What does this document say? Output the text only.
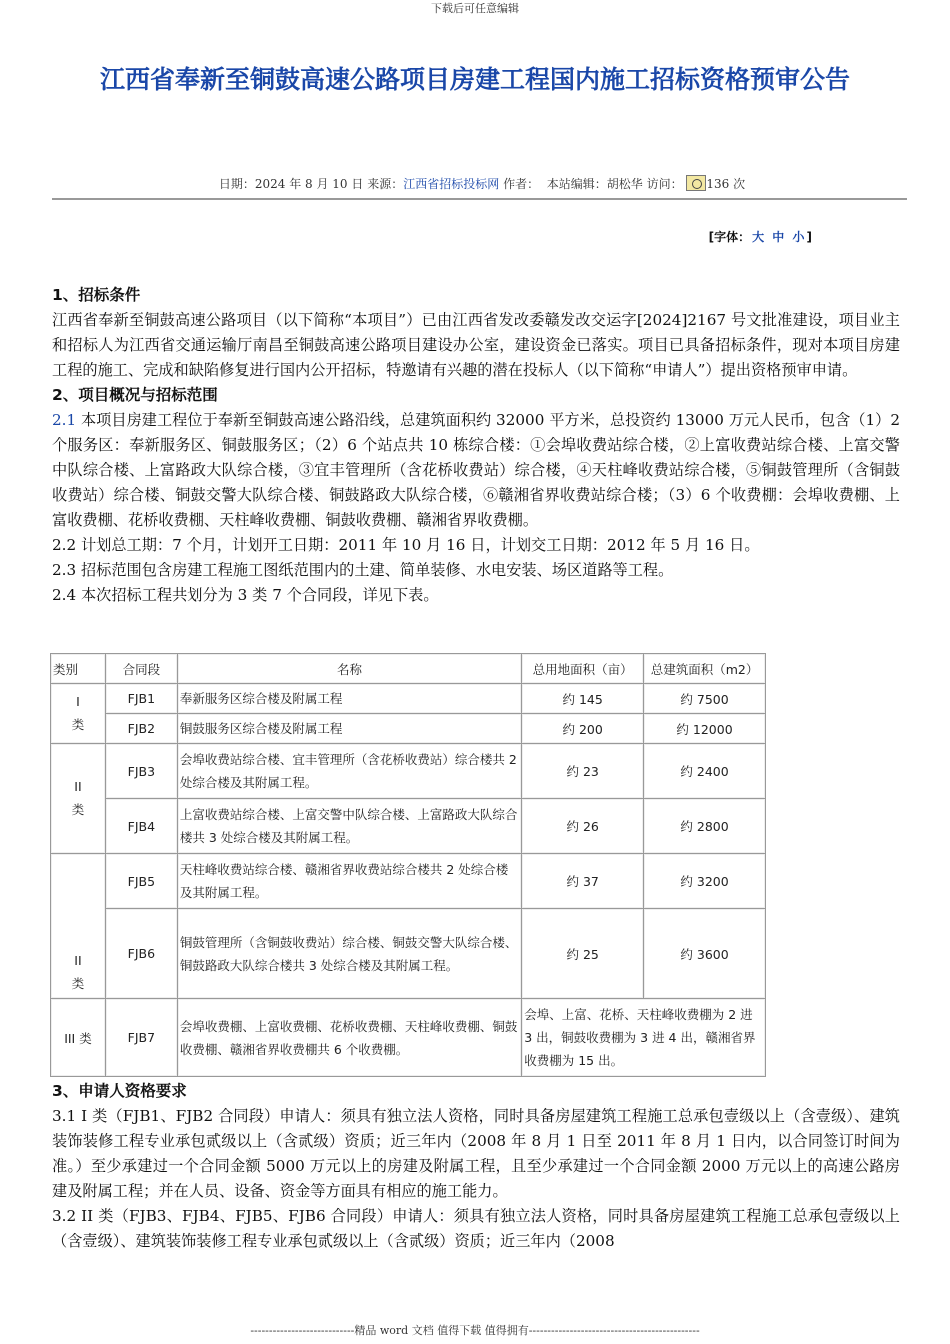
下载后可任意编辑
江西省奉新至铜鼓高速公路项目房建工程国内施工招标资格预审公告
日期：2024 年 8 月 10 日 来源：江西省招标投标网 作者： 本站编辑：胡松华 访问： 136 次
[字体： 大 中 小 ]

1、招标条件

江西省奉新至铜鼓高速公路项目（以下简称“本项目”）已由江西省发改委赣发改交运字[2024]2167 号文批准建设，项目业主和招标人为江西省交通运输厅南昌至铜鼓高速公路项目建设办公室，建设资金已落实。项目已具备招标条件，现对本项目房建工程的施工、完成和缺陷修复进行国内公开招标，特邀请有兴趣的潜在投标人（以下简称“申请人”）提出资格预审申请。

2、项目概况与招标范围

2.1 本项目房建工程位于奉新至铜鼓高速公路沿线，总建筑面积约 32000 平方米，总投资约 13000 万元人民币，包含（1）2 个服务区：奉新服务区、铜鼓服务区；（2）6 个站点共 10 栋综合楼：①会埠收费站综合楼，②上富收费站综合楼、上富交警中队综合楼、上富路政大队综合楼，③宜丰管理所（含花桥收费站）综合楼，④天柱峰收费站综合楼，⑤铜鼓管理所（含铜鼓收费站）综合楼、铜鼓交警大队综合楼、铜鼓路政大队综合楼，⑥赣湘省界收费站综合楼；（3）6 个收费棚：会埠收费棚、上富收费棚、花桥收费棚、天柱峰收费棚、铜鼓收费棚、赣湘省界收费棚。

2.2 计划总工期：7 个月，计划开工日期：2011 年 10 月 16 日，计划交工日期：2012 年 5 月 16 日。

2.3 招标范围包含房建工程施工图纸范围内的土建、简单装修、水电安装、场区道路等工程。

2.4 本次招标工程共划分为 3 类 7 个合同段，详见下表。

类别	合同段	名称	总用地面积（亩）	总建筑面积（m2）

I
类	FJB1	奉新服务区综合楼及附属工程	约 145	约 7500
	FJB2	铜鼓服务区综合楼及附属工程	约 200	约 12000

II
类	FJB3	会埠收费站综合楼、宜丰管理所（含花桥收费站）综合楼共 2 处综合楼及其附属工程。	约 23	约 2400
	FJB4	上富收费站综合楼、上富交警中队综合楼、上富路政大队综合楼共 3 处综合楼及其附属工程。	约 26	约 2800

II
类	FJB5	天柱峰收费站综合楼、赣湘省界收费站综合楼共 2 处综合楼及其附属工程。	约 37	约 3200
	FJB6	铜鼓管理所（含铜鼓收费站）综合楼、铜鼓交警大队综合楼、铜鼓路政大队综合楼共 3 处综合楼及其附属工程。	约 25	约 3600
III 类	FJB7	会埠收费棚、上富收费棚、花桥收费棚、天柱峰收费棚、铜鼓收费棚、赣湘省界收费棚共 6 个收费棚。	会埠、上富、花桥、天柱峰收费棚为 2 进 3 出，铜鼓收费棚为 3 进 4 出，赣湘省界收费棚为 15 出。	

3、申请人资格要求

3.1 I 类（FJB1、FJB2 合同段）申请人：须具有独立法人资格，同时具备房屋建筑工程施工总承包壹级以上（含壹级）、建筑装饰装修工程专业承包贰级以上（含贰级）资质；近三年内（2008 年 8 月 1 日至 2011 年 8 月 1 日内，以合同签订时间为准。）至少承建过一个合同金额 5000 万元以上的房建及附属工程，且至少承建过一个合同金额 2000 万元以上的高速公路房建及附属工程；并在人员、设备、资金等方面具有相应的施工能力。

3.2 II 类（FJB3、FJB4、FJB5、FJB6 合同段）申请人：须具有独立法人资格，同时具备房屋建筑工程施工总承包壹级以上（含壹级）、建筑装饰装修工程专业承包贰级以上（含贰级）资质；近三年内（2008

----------------------------精品 word 文档 值得下载 值得拥有----------------------------------------------
